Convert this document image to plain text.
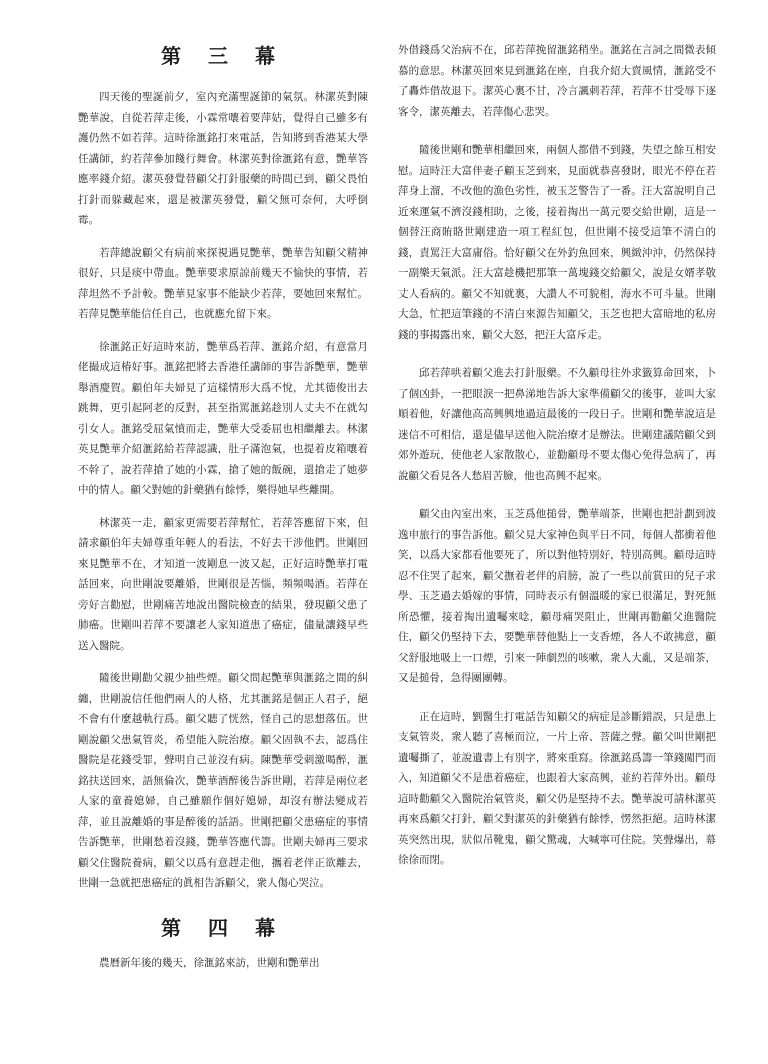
第 三 幕

四天後的聖誕前夕，室內充滿聖誕節的氣氛。林潔英對陳艷華說，自從若萍走後，小霖常嚷着要萍姑，覺得自己雖多有護仍然不如若萍。這時徐滙銘打來電話，告知將到香港某大學任講師，約若萍參加餞行舞會。林潔英對徐滙銘有意，艷華答應率錢介紹。潔英發覺替顧父打針服藥的時間已到，顧父畏怕打針而躲藏起來，還是被潔英發覺，顧父無可奈何，大呼倒霉。

若萍總說顧父有病前來探視遇見艷華，艷華告知顧父精神很好，只是痰中帶血。艷華要求原諒前幾天不愉快的事情，若萍坦然不予計較。艷華見家事不能缺少若萍，要她回來幫忙。若萍見艷華能信任自己，也就應允留下來。

徐滙銘正好這時來訪，艷華爲若萍、滙銘介紹，有意當月佬撮成這椿好事。滙銘把將去香港任講師的事告訴艷華，艷華舉酒慶賀。顧伯年夫婦見了這樣情形大爲不悅，尤其德俊出去跳舞，更引起阿老的反對，甚至指罵滙銘趁別人丈夫不在就勾引女人。滙銘受屈氣憤而走，艷華大受委屈也相繼離去。林潔英見艷華介紹滙銘給若萍認識，肚子滿泡氣，也提着皮箱嚷着不幹了，說若萍搶了她的小霖，搶了她的飯碗，還搶走了她夢中的情人。顧父對她的針藥猶有餘悸，樂得她早些離開。

林潔英一走，顧家更需要若萍幫忙，若萍答應留下來，但請求顧伯年夫婦尊重年輕人的看法，不好去干涉他們。世剛回來見艷華不在，才知道一波剛息一波又起，正好這時艷華打電話回來，向世剛說要離婚，世剛很是苦惱，頻頻喝酒。若萍在旁好言勸慰，世剛痛苦地說出醫院檢查的結果，發現顧父患了肺癌。世剛叫若萍不要讓老人家知道患了癌症，儘量讓錢早些送入醫院。

隨後世剛勸父親少抽些煙。顧父問起艷華與滙銘之間的糾纏，世剛說信任他們兩人的人格，尤其滙銘是個正人君子，絕不會有什麼越軌行爲。顧父聽了恍然，怪自己的思想落伍。世剛說顧父患氣管炎，希望能入院治療。顧父固執不去，認爲住醫院是花錢受罪，聲明自己並沒有病。陳艷華受刺激喝醉，滙銘扶送回來，語無倫次，艷華酒醉後告訴世剛，若萍是兩位老人家的童養媳婦，自己雖願作個好媳婦，却沒有辦法變成若萍，並且說離婚的事是醉後的話語。世剛把顧父患癌症的事情告訴艷華，世剛愁着沒錢，艷華答應代籌。世剛夫婦再三要求顧父住醫院養病，顧父以爲有意趕走他，攜着老伴正欲離去，世剛一急就把患癌症的眞相告訴顧父，衆人傷心哭泣。

第 四 幕

農曆新年後的幾天，徐滙銘來訪，世剛和艷華出

外借錢爲父治病不在，邱若萍挽留滙銘稍坐。滙銘在言詞之間微表傾慕的意思。林潔英回來見到滙銘在座，自我介紹大賣風情，滙銘受不了轟炸借故退下。潔英心裏不甘，冷言諷刺若萍，若萍不甘受辱下逐客令，潔英離去，若萍傷心悲哭。

隨後世剛和艷華相繼回來，兩個人都借不到錢，失望之餘互相安慰。這時汪大富伴妻子顧玉芝到來，見面就恭喜發財，眼光不停在若萍身上溜，不改他的漁色劣性，被玉芝警告了一番。汪大富說明自己近來運氣不濟沒錢相助，之後，接着掏出一萬元要交給世剛，這是一個替汪商賄賂世剛建造一項工程紅包，但世剛不接受這筆不清白的錢，責罵汪大富庸俗。恰好顧父在外釣魚回來，興緻沖沖，仍然保持一副樂天氣派。汪大富趁機把那筆一萬塊錢交給顧父，說是女婿孝敬丈人看病的。顧父不知就裏，大讚人不可貌相，海水不可斗量。世剛大急，忙把這筆錢的不清白來源告知顧父，玉芝也把大富暗地的私房錢的事揭露出來，顧父大怒，把汪大富斥走。

邱若萍哄着顧父進去打針服藥。不久顧母往外求籤算命回來，卜了個凶卦，一把眼淚一把鼻涕地告訴大家準備顧父的後事，並叫大家順着他，好讓他高高興興地過這最後的一段日子。世剛和艷華說這是迷信不可相信，還是儘早送他入院治療才是辦法。世剛建議陪顧父到郊外遊玩，使他老人家散散心，並勸顧母不要太傷心免得急病了，再說顧父看見各人愁眉苦臉，他也高興不起來。

顧父由內室出來，玉芝爲他搥骨，艷華端茶，世剛也把計劃到波逸申旅行的事告訴他。顧父見大家神色與平日不同，每個人都衝着他笑，以爲大家都看他要死了，所以對他特別好，特別高興。顧母這時忍不住哭了起來，顧父撫着老伴的肩膀，說了一些以前賞田的兒子求學、玉芝過去婚嫁的事情，同時表示有個溫暖的家已很滿足，對死無所恐懼，接着掏出遺囑來唸，顧母痛哭阻止，世剛再勸顧父進醫院住，顧父仍堅持下去，要艷華替他點上一支香煙，各人不敢拂意，顧父舒服地吸上一口煙，引來一陣劇烈的咳嗽，衆人大亂，又是端茶，又是搥骨，急得團團轉。

正在這時，劉醫生打電話告知顧父的病症是診斷錯誤，只是患上支氣管炎，衆人聽了喜極而泣，一片上帝、菩薩之聲。顧父叫世剛把遺囑撕了，並說遺書上有別字，將來重寫。徐滙銘爲籌一筆錢闖門而入，知道顧父不是患着癌症，也跟着大家高興，並約若萍外出。顧母這時勸顧父入醫院治氣管炎，顧父仍是堅持不去。艷華說可請林潔英再來爲顧父打針，顧父對潔英的針藥猶有餘悸，愣然拒絕。這時林潔英突然出現，狀似吊靴鬼，顧父驚魂，大喊寧可住院。笑聲爆出，幕徐徐而閉。
